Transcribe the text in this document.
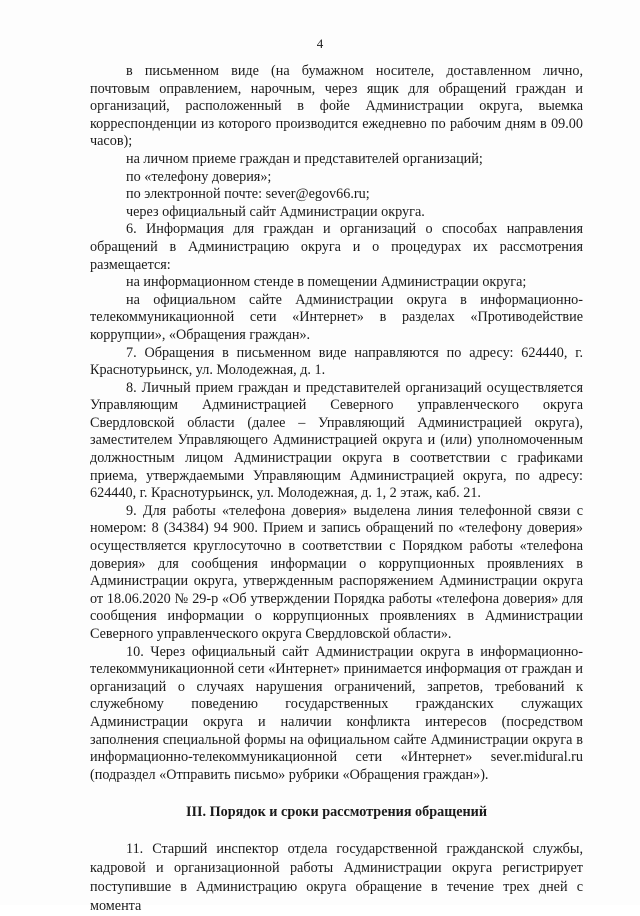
4

в письменном виде (на бумажном носителе, доставленном лично, почтовым оправлением, нарочным, через ящик для обращений граждан и организаций, расположенный в фойе Администрации округа, выемка корреспонденции из которого производится ежедневно по рабочим дням в 09.00 часов);

на личном приеме граждан и представителей организаций;

по «телефону доверия»;

по электронной почте: sever@egov66.ru;

через официальный сайт Администрации округа.

6. Информация для граждан и организаций о способах направления обращений в Администрацию округа и о процедурах их рассмотрения размещается:

на информационном стенде в помещении Администрации округа;

на официальном сайте Администрации округа в информационно-телекоммуникационной сети «Интернет» в разделах «Противодействие коррупции», «Обращения граждан».

7. Обращения в письменном виде направляются по адресу: 624440, г. Краснотурьинск, ул. Молодежная, д. 1.

8. Личный прием граждан и представителей организаций осуществляется Управляющим Администрацией Северного управленческого округа Свердловской области (далее – Управляющий Администрацией округа), заместителем Управляющего Администрацией округа и (или) уполномоченным должностным лицом Администрации округа в соответствии с графиками приема, утверждаемыми Управляющим Администрацией округа, по адресу: 624440, г. Краснотурьинск, ул. Молодежная, д. 1, 2 этаж, каб. 21.

9. Для работы «телефона доверия» выделена линия телефонной связи с номером: 8 (34384) 94 900. Прием и запись обращений по «телефону доверия» осуществляется круглосуточно в соответствии с Порядком работы «телефона доверия» для сообщения информации о коррупционных проявлениях в Администрации округа, утвержденным распоряжением Администрации округа от 18.06.2020 № 29-р «Об утверждении Порядка работы «телефона доверия» для сообщения информации о коррупционных проявлениях в Администрации Северного управленческого округа Свердловской области».

10. Через официальный сайт Администрации округа в информационно-телекоммуникационной сети «Интернет» принимается информация от граждан и организаций о случаях нарушения ограничений, запретов, требований к служебному поведению государственных гражданских служащих Администрации округа и наличии конфликта интересов (посредством заполнения специальной формы на официальном сайте Администрации округа в информационно-телекоммуникационной сети «Интернет» sever.midural.ru (подраздел «Отправить письмо» рубрики «Обращения граждан»).

III. Порядок и сроки рассмотрения обращений

11. Старший инспектор отдела государственной гражданской службы, кадровой и организационной работы Администрации округа регистрирует поступившие в Администрацию округа обращение в течение трех дней с момента
